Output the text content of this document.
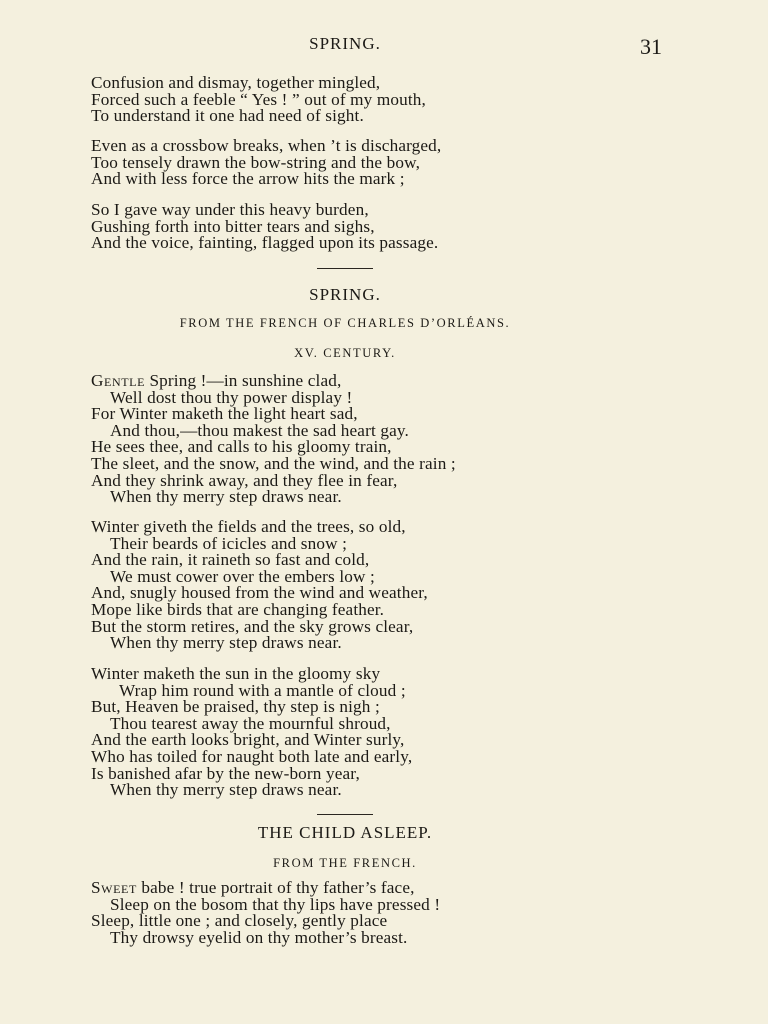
SPRING.	31
Confusion and dismay, together mingled,
Forced such a feeble “ Yes ! ” out of my mouth,
To understand it one had need of sight.
Even as a crossbow breaks, when ’t is discharged,
Too tensely drawn the bow-string and the bow,
And with less force the arrow hits the mark ;
So I gave way under this heavy burden,
Gushing forth into bitter tears and sighs,
And the voice, fainting, flagged upon its passage.
SPRING.
FROM THE FRENCH OF CHARLES D’ORLÉANS.
XV. CENTURY.
Gentle Spring !—in sunshine clad,
Well dost thou thy power display !
For Winter maketh the light heart sad,
And thou,—thou makest the sad heart gay.
He sees thee, and calls to his gloomy train,
The sleet, and the snow, and the wind, and the rain ;
And they shrink away, and they flee in fear,
When thy merry step draws near.
Winter giveth the fields and the trees, so old,
Their beards of icicles and snow ;
And the rain, it raineth so fast and cold,
We must cower over the embers low ;
And, snugly housed from the wind and weather,
Mope like birds that are changing feather.
But the storm retires, and the sky grows clear,
When thy merry step draws near.
Winter maketh the sun in the gloomy sky
Wrap him round with a mantle of cloud ;
But, Heaven be praised, thy step is nigh ;
Thou tearest away the mournful shroud,
And the earth looks bright, and Winter surly,
Who has toiled for naught both late and early,
Is banished afar by the new-born year,
When thy merry step draws near.
THE CHILD ASLEEP.
FROM THE FRENCH.
Sweet babe ! true portrait of thy father’s face,
Sleep on the bosom that thy lips have pressed !
Sleep, little one ; and closely, gently place
Thy drowsy eyelid on thy mother’s breast.
